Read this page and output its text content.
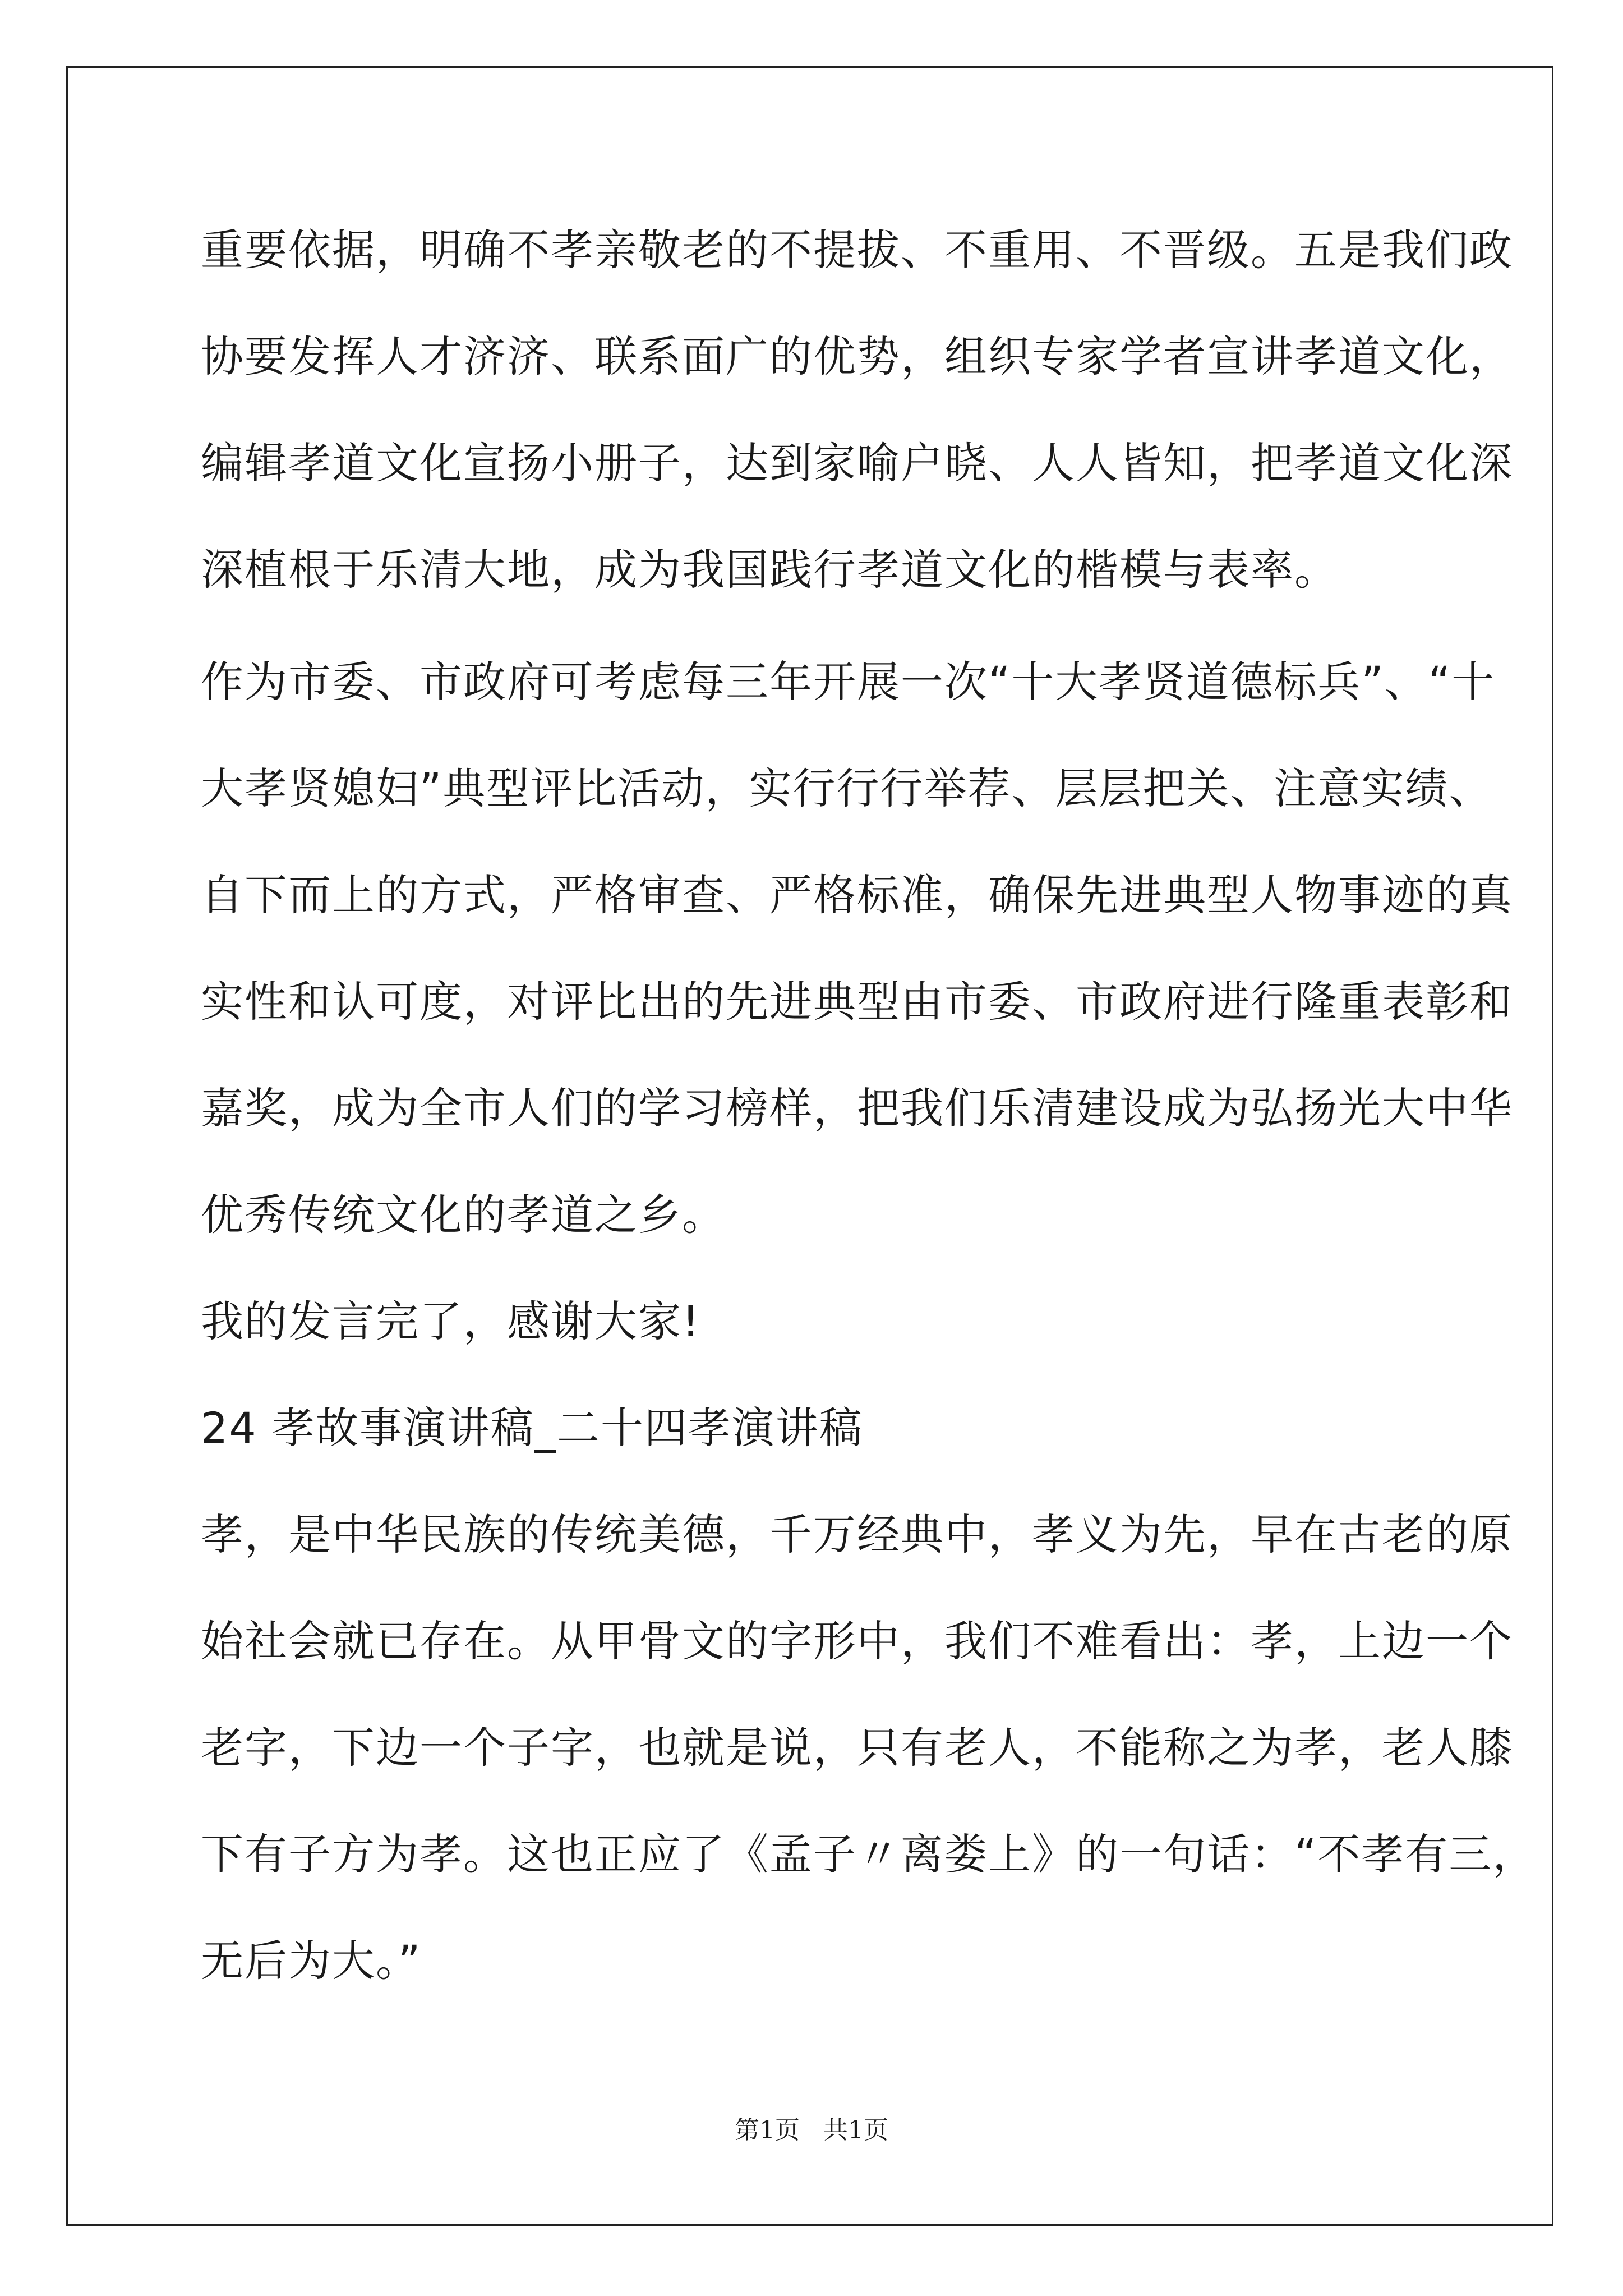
重要依据，明确不孝亲敬老的不提拔、不重用、不晋级。五是我们政
协要发挥人才济济、联系面广的优势，组织专家学者宣讲孝道文化，
编辑孝道文化宣扬小册子，达到家喻户晓、人人皆知，把孝道文化深
深植根于乐清大地，成为我国践行孝道文化的楷模与表率。
作为市委、市政府可考虑每三年开展一次“十大孝贤道德标兵”、“十
大孝贤媳妇”典型评比活动，实行行行举荐、层层把关、注意实绩、
自下而上的方式，严格审查、严格标准，确保先进典型人物事迹的真
实性和认可度，对评比出的先进典型由市委、市政府进行隆重表彰和
嘉奖，成为全市人们的学习榜样，把我们乐清建设成为弘扬光大中华
优秀传统文化的孝道之乡。
我的发言完了，感谢大家!
24 孝故事演讲稿_二十四孝演讲稿
孝，是中华民族的传统美德，千万经典中，孝义为先，早在古老的原
始社会就已存在。从甲骨文的字形中，我们不难看出：孝，上边一个
老字，下边一个子字，也就是说，只有老人，不能称之为孝，老人膝
下有子方为孝。这也正应了《孟子〃离娄上》的一句话：“不孝有三，
无后为大。”
第1页   共1页
